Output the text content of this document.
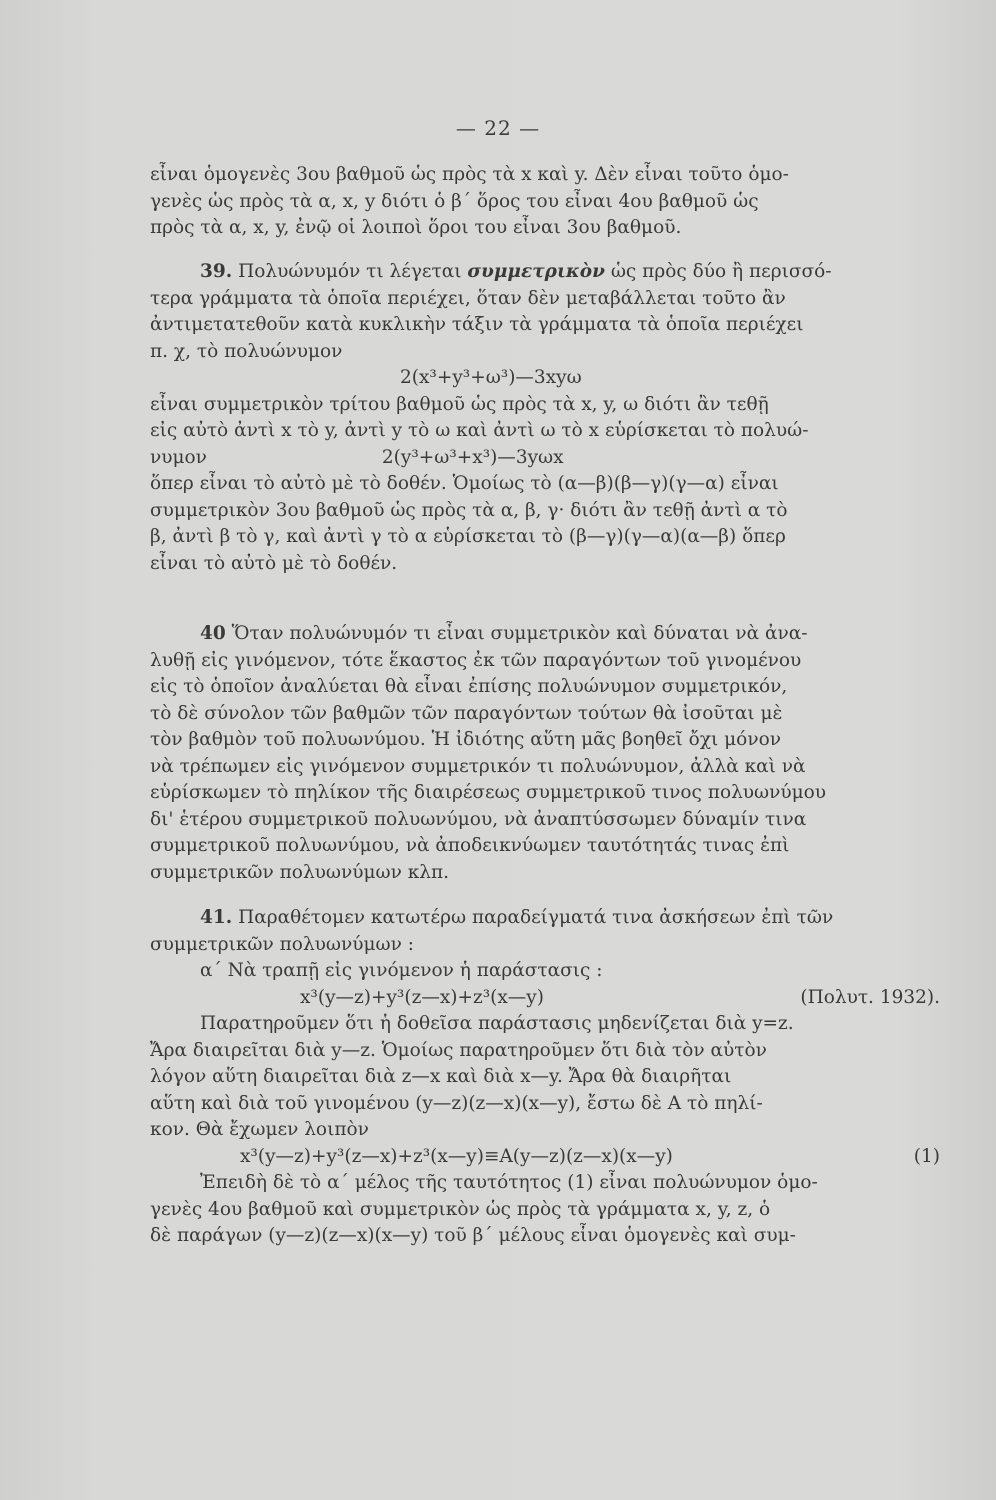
— 22 —
εἶναι ὁμογενὲς 3ου βαθμοῦ ὡς πρὸς τὰ x καὶ y. Δὲν εἶναι τοῦτο ὁμο-
γενὲς ὡς πρὸς τὰ α, x, y διότι ὁ β΄ ὅρος του εἶναι 4ου βαθμοῦ ὡς
πρὸς τὰ α, x, y, ἐνῷ οἱ λοιποὶ ὅροι του εἶναι 3ου βαθμοῦ.
39. Πολυώνυμόν τι λέγεται συμμετρικὸν ὡς πρὸς δύο ἢ περισσό-
τερα γράμματα τὰ ὁποῖα περιέχει, ὅταν δὲν μεταβάλλεται τοῦτο ἂν
ἀντιμετατεθοῦν κατὰ κυκλικὴν τάξιν τὰ γράμματα τὰ ὁποῖα περιέχει
π. χ, τὸ πολυώνυμον
2(x³+y³+ω³)—3xyω
εἶναι συμμετρικὸν τρίτου βαθμοῦ ὡς πρὸς τὰ x, y, ω διότι ἂν τεθῇ
εἰς αὐτὸ ἀντὶ x τὸ y, ἀντὶ y τὸ ω καὶ ἀντὶ ω τὸ x εὑρίσκεται τὸ πολυώ-
νυμον	2(y³+ω³+x³)—3yωx
ὅπερ εἶναι τὸ αὐτὸ μὲ τὸ δοθέν. Ὁμοίως τὸ (α—β)(β—γ)(γ—α) εἶναι
συμμετρικὸν 3ου βαθμοῦ ὡς πρὸς τὰ α, β, γ· διότι ἂν τεθῇ ἀντὶ α τὸ
β, ἀντὶ β τὸ γ, καὶ ἀντὶ γ τὸ α εὑρίσκεται τὸ (β—γ)(γ—α)(α—β) ὅπερ
εἶναι τὸ αὐτὸ μὲ τὸ δοθέν.
40 Ὅταν πολυώνυμόν τι εἶναι συμμετρικὸν καὶ δύναται νὰ ἀνα-
λυθῇ εἰς γινόμενον, τότε ἕκαστος ἐκ τῶν παραγόντων τοῦ γινομένου
εἰς τὸ ὁποῖον ἀναλύεται θὰ εἶναι ἐπίσης πολυώνυμον συμμετρικόν,
τὸ δὲ σύνολον τῶν βαθμῶν τῶν παραγόντων τούτων θὰ ἰσοῦται μὲ
τὸν βαθμὸν τοῦ πολυωνύμου. Ἡ ἰδιότης αὕτη μᾶς βοηθεῖ ὄχι μόνον
νὰ τρέπωμεν εἰς γινόμενον συμμετρικόν τι πολυώνυμον, ἀλλὰ καὶ νὰ
εὑρίσκωμεν τὸ πηλίκον τῆς διαιρέσεως συμμετρικοῦ τινος πολυωνύμου
δι' ἑτέρου συμμετρικοῦ πολυωνύμου, νὰ ἀναπτύσσωμεν δύναμίν τινα
συμμετρικοῦ πολυωνύμου, νὰ ἀποδεικνύωμεν ταυτότητάς τινας ἐπὶ
συμμετρικῶν πολυωνύμων κλπ.
41. Παραθέτομεν κατωτέρω παραδείγματά τινα ἀσκήσεων ἐπὶ τῶν
συμμετρικῶν πολυωνύμων :
α΄ Νὰ τραπῇ εἰς γινόμενον ἡ παράστασις :
x³(y—z)+y³(z—x)+z³(x—y)	(Πολυτ. 1932).
Παρατηροῦμεν ὅτι ἡ δοθεῖσα παράστασις μηδενίζεται διὰ y=z.
Ἄρα διαιρεῖται διὰ y—z. Ὁμοίως παρατηροῦμεν ὅτι διὰ τὸν αὐτὸν
λόγον αὕτη διαιρεῖται διὰ z—x καὶ διὰ x—y. Ἄρα θὰ διαιρῆται
αὕτη καὶ διὰ τοῦ γινομένου (y—z)(z—x)(x—y), ἔστω δὲ Α τὸ πηλί-
κον. Θὰ ἔχωμεν λοιπὸν
x³(y—z)+y³(z—x)+z³(x—y)≡Α(y—z)(z—x)(x—y)	(1)
Ἐπειδὴ δὲ τὸ α΄ μέλος τῆς ταυτότητος (1) εἶναι πολυώνυμον ὁμο-
γενὲς 4ου βαθμοῦ καὶ συμμετρικὸν ὡς πρὸς τὰ γράμματα x, y, z, ὁ
δὲ παράγων (y—z)(z—x)(x—y) τοῦ β΄ μέλους εἶναι ὁμογενὲς καὶ συμ-
